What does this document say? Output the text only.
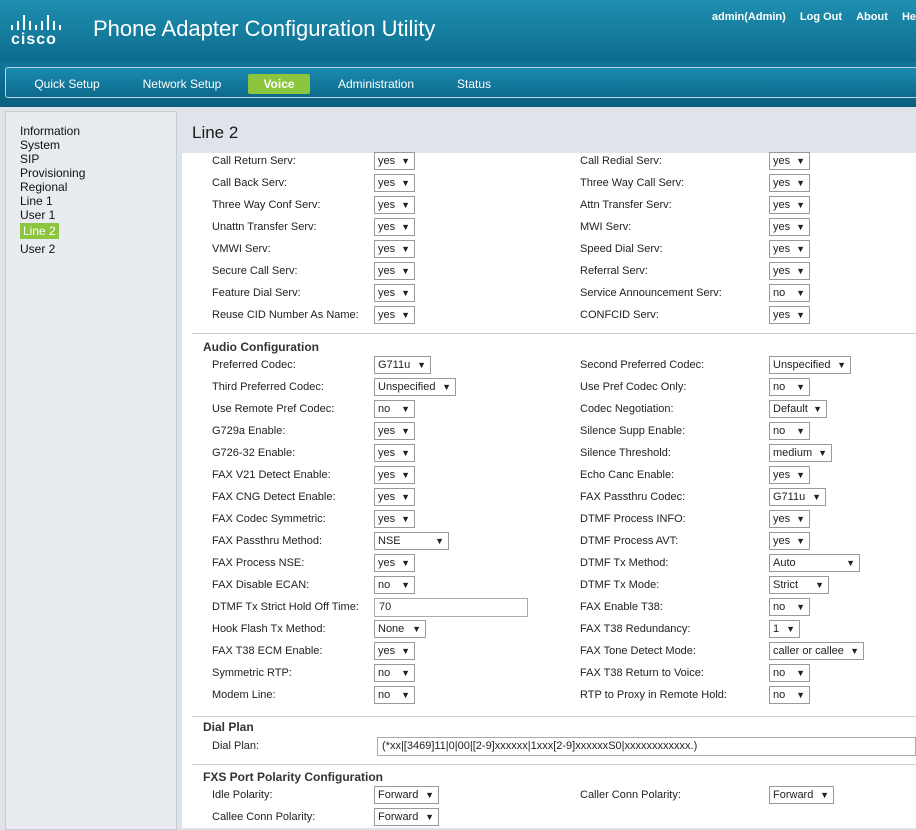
cisco Phone Adapter Configuration Utility	admin(Admin) Log Out About He
Quick Setup	Network Setup	Voice	Administration	Status
Information
System
SIP
Provisioning
Regional
Line 1
User 1
Line 2
User 2
Line 2
Call Return Serv:	yes ▼	Call Redial Serv:	yes ▼
Call Back Serv:	yes ▼	Three Way Call Serv:	yes ▼
Three Way Conf Serv:	yes ▼	Attn Transfer Serv:	yes ▼
Unattn Transfer Serv:	yes ▼	MWI Serv:	yes ▼
VMWI Serv:	yes ▼	Speed Dial Serv:	yes ▼
Secure Call Serv:	yes ▼	Referral Serv:	yes ▼
Feature Dial Serv:	yes ▼	Service Announcement Serv:	no ▼
Reuse CID Number As Name: yes ▼	CONFCID Serv:	yes ▼
Audio Configuration
Preferred Codec:	G711u ▼	Second Preferred Codec:	Unspecified ▼
Third Preferred Codec:	Unspecified ▼	Use Pref Codec Only:	no ▼
Use Remote Pref Codec:	no ▼	Codec Negotiation:	Default ▼
G729a Enable:	yes ▼	Silence Supp Enable:	no ▼
G726-32 Enable:	yes ▼	Silence Threshold:	medium ▼
FAX V21 Detect Enable:	yes ▼	Echo Canc Enable:	yes ▼
FAX CNG Detect Enable:	yes ▼	FAX Passthru Codec:	G711u ▼
FAX Codec Symmetric:	yes ▼	DTMF Process INFO:	yes ▼
FAX Passthru Method:	NSE	▼	DTMF Process AVT:	yes ▼
FAX Process NSE:	yes ▼	DTMF Tx Method:	Auto	▼
FAX Disable ECAN:	no ▼	DTMF Tx Mode:	Strict ▼
DTMF Tx Strict Hold Off Time:	70	FAX Enable T38:	no ▼
Hook Flash Tx Method:	None ▼	FAX T38 Redundancy:	1 ▼
FAX T38 ECM Enable:	yes ▼	FAX Tone Detect Mode:	caller or callee ▼
Symmetric RTP:	no ▼	FAX T38 Return to Voice:	no ▼
Modem Line:	no ▼	RTP to Proxy in Remote Hold:	no ▼
Dial Plan
Dial Plan:	(*xx|[3469]11|0|00|[2-9]xxxxxx|1xxx[2-9]xxxxxxS0|xxxxxxxxxxxx.)
FXS Port Polarity Configuration
Idle Polarity:	Forward ▼	Caller Conn Polarity:	Forward ▼
Callee Conn Polarity:	Forward ▼
